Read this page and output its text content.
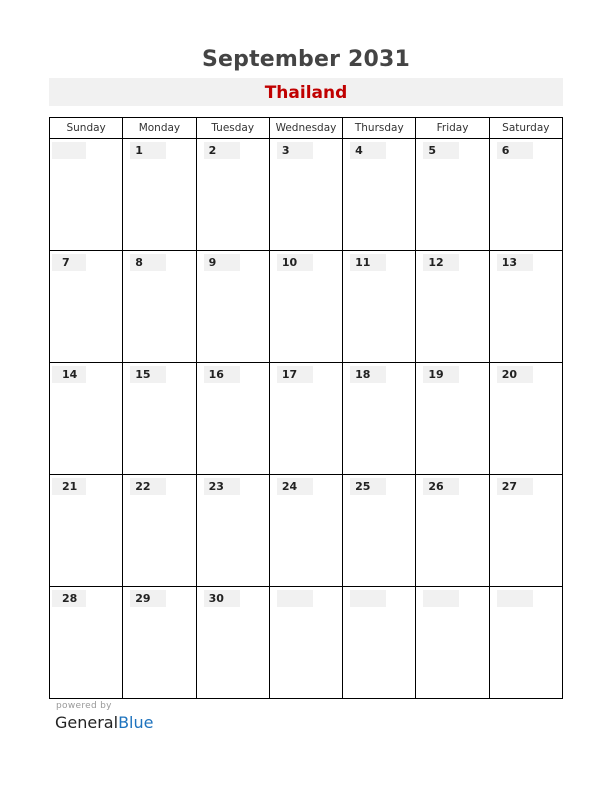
September 2031
Thailand
Sunday	Monday	Tuesday	Wednesday	Thursday	Friday	Saturday

	1	2	3	4	5	6

7	8	9	10	11	12	13

14	15	16	17	18	19	20

21	22	23	24	25	26	27

28	29	30				

powered by
GeneralBlue
